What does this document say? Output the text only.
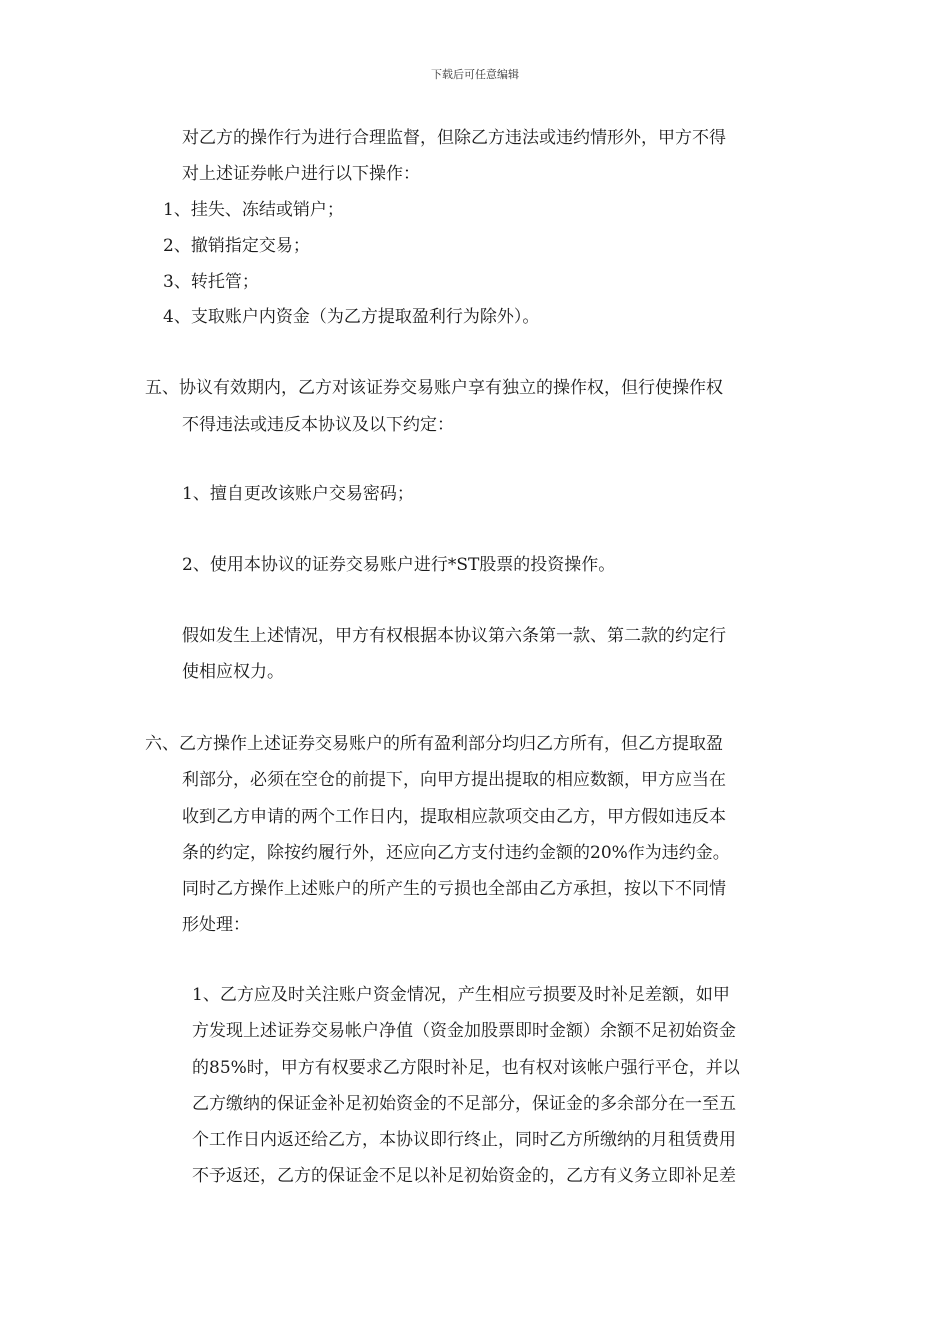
下载后可任意编辑
对乙方的操作行为进行合理监督，但除乙方违法或违约情形外，甲方不得
对上述证券帐户进行以下操作：
1、挂失、冻结或销户；
2、撤销指定交易；
3、转托管；
4、支取账户内资金（为乙方提取盈利行为除外）。
五、协议有效期内，乙方对该证券交易账户享有独立的操作权，但行使操作权
不得违法或违反本协议及以下约定：
1、擅自更改该账户交易密码；
2、使用本协议的证券交易账户进行*ST股票的投资操作。
假如发生上述情况，甲方有权根据本协议第六条第一款、第二款的约定行
使相应权力。
六、乙方操作上述证券交易账户的所有盈利部分均归乙方所有，但乙方提取盈
利部分，必须在空仓的前提下，向甲方提出提取的相应数额，甲方应当在
收到乙方申请的两个工作日内，提取相应款项交由乙方，甲方假如违反本
条的约定，除按约履行外，还应向乙方支付违约金额的20%作为违约金。
同时乙方操作上述账户的所产生的亏损也全部由乙方承担，按以下不同情
形处理：
1、乙方应及时关注账户资金情况，产生相应亏损要及时补足差额，如甲
方发现上述证券交易帐户净值（资金加股票即时金额）余额不足初始资金
的85%时，甲方有权要求乙方限时补足，也有权对该帐户强行平仓，并以
乙方缴纳的保证金补足初始资金的不足部分，保证金的多余部分在一至五
个工作日内返还给乙方，本协议即行终止，同时乙方所缴纳的月租赁费用
不予返还，乙方的保证金不足以补足初始资金的，乙方有义务立即补足差
